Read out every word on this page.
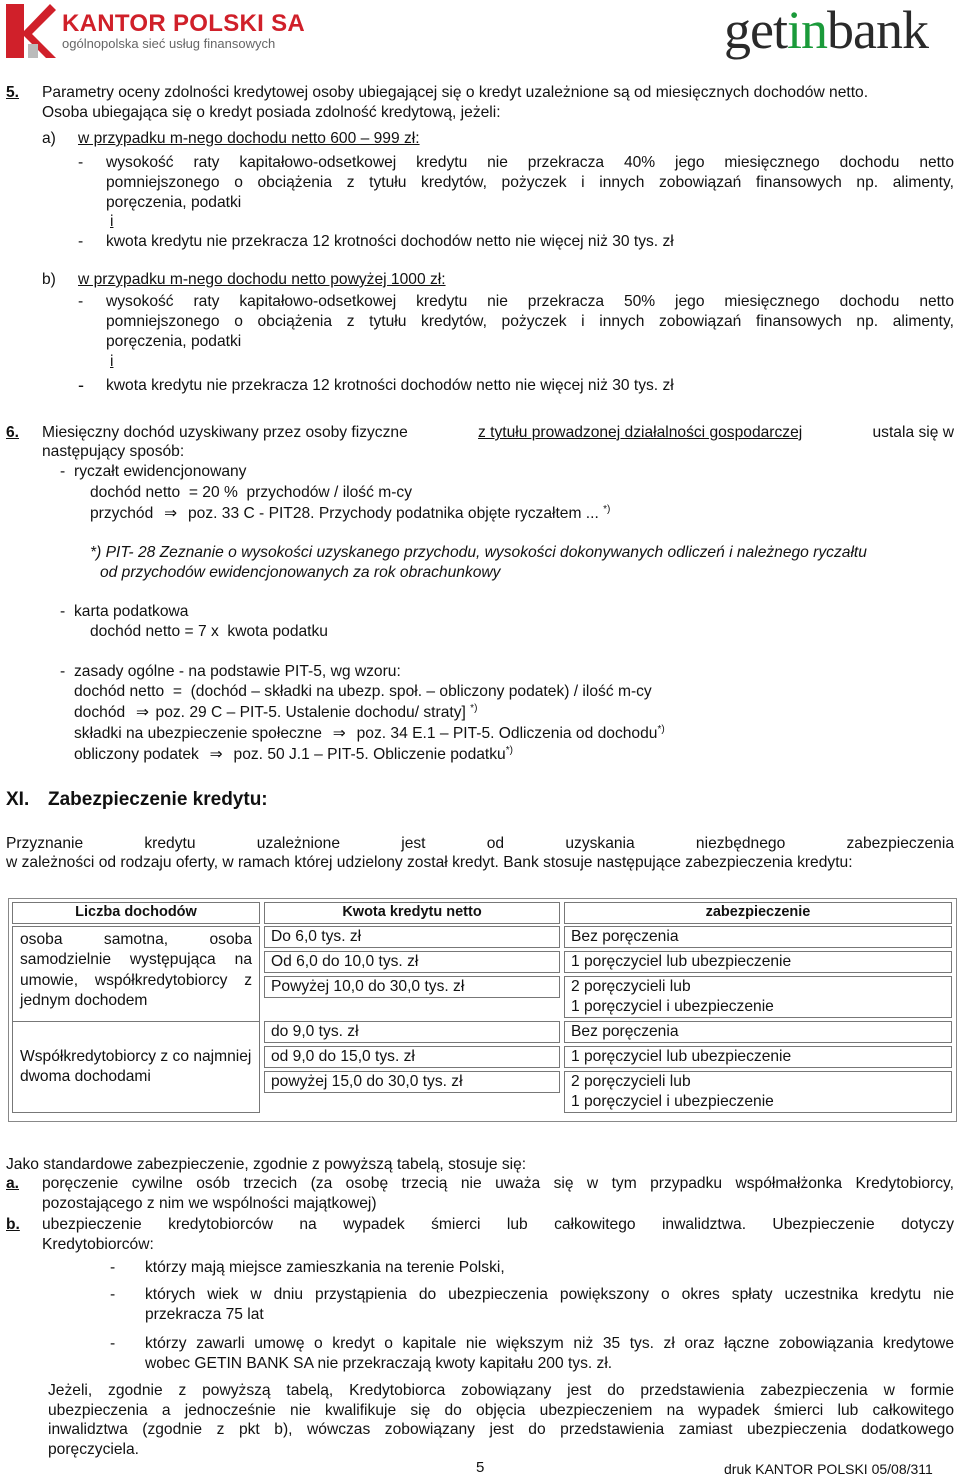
KANTOR POLSKI SA
ogólnopolska sieć usług finansowych	getinbank
5. Parametry oceny zdolności kredytowej osoby ubiegającej się o kredyt uzależnione są od miesięcznych dochodów netto.
Osoba ubiegająca się o kredyt posiada zdolność kredytową, jeżeli:
a) w przypadku m-nego dochodu netto 600 – 999 zł:
- wysokość raty kapitałowo-odsetkowej kredytu nie przekracza 40% jego miesięcznego dochodu netto
pomniejszonego o obciążenia z tytułu kredytów, pożyczek i innych zobowiązań finansowych np. alimenty,
poręczenia, podatki
i
- kwota kredytu nie przekracza 12 krotności dochodów netto nie więcej niż 30 tys. zł
b) w przypadku m-nego dochodu netto powyżej 1000 zł:
- wysokość raty kapitałowo-odsetkowej kredytu nie przekracza 50% jego miesięcznego dochodu netto
pomniejszonego o obciążenia z tytułu kredytów, pożyczek i innych zobowiązań finansowych np. alimenty,
poręczenia, podatki
i
- kwota kredytu nie przekracza 12 krotności dochodów netto nie więcej niż 30 tys. zł
6. Miesięczny dochód uzyskiwany przez osoby fizyczne	z tytułu prowadzonej działalności gospodarczej	ustala się w
następujący sposób:
- ryczałt ewidencjonowany
dochód netto  = 20 %  przychodów / ilość m-cy
przychód ⇒ poz. 33 C - PIT28. Przychody podatnika objęte ryczałtem ... *)
*) PIT- 28 Zeznanie o wysokości uzyskanego przychodu, wysokości dokonywanych odliczeń i należnego ryczałtu
od przychodów ewidencjonowanych za rok obrachunkowy
- karta podatkowa
dochód netto = 7 x  kwota podatku
- zasady ogólne - na podstawie PIT-5, wg wzoru:
dochód netto  =  (dochód – składki na ubezp. społ. – obliczony podatek) / ilość m-cy
dochód ⇒ poz. 29 C – PIT-5. Ustalenie dochodu/ straty] *)
składki na ubezpieczenie społeczne ⇒ poz. 34 E.1 – PIT-5. Odliczenia od dochodu*)
obliczony podatek ⇒ poz. 50 J.1 – PIT-5. Obliczenie podatku*)
XI. Zabezpieczenie kredytu:
Przyznanie kredytu uzależnione jest od uzyskania niezbędnego zabezpieczenia
w zależności od rodzaju oferty, w ramach której udzielony został kredyt. Bank stosuje następujące zabezpieczenia kredytu:
Liczba dochodów	Kwota kredytu netto	zabezpieczenie
osoba samotna, osoba samodzielnie występująca na umowie, współkredytobiorcy z jednym dochodem
Do 6,0 tys. zł	Bez poręczenia
Od 6,0 do 10,0 tys. zł	1 poręczyciel lub ubezpieczenie
Powyżej 10,0 do 30,0 tys. zł	2 poręczycieli lub
1 poręczyciel i ubezpieczenie
Współkredytobiorcy z co najmniej dwoma dochodami
do 9,0 tys. zł	Bez poręczenia
od 9,0 do 15,0 tys. zł	1 poręczyciel lub ubezpieczenie
powyżej 15,0 do 30,0 tys. zł	2 poręczycieli lub
1 poręczyciel i ubezpieczenie
Jako standardowe zabezpieczenie, zgodnie z powyższą tabelą, stosuje się:
a. poręczenie cywilne osób trzecich (za osobę trzecią nie uważa się w tym przypadku współmałżonka Kredytobiorcy,
pozostającego z nim we wspólności majątkowej)
b. ubezpieczenie kredytobiorców na wypadek śmierci lub całkowitego inwalidztwa. Ubezpieczenie dotyczy
Kredytobiorców:
- którzy mają miejsce zamieszkania na terenie Polski,
- których wiek w dniu przystąpienia do ubezpieczenia powiększony o okres spłaty uczestnika kredytu nie
przekracza 75 lat
- którzy zawarli umowę o kredyt o kapitale nie większym niż 35 tys. zł oraz łączne zobowiązania kredytowe
wobec GETIN BANK SA nie przekraczają kwoty kapitału 200 tys. zł.
Jeżeli, zgodnie z powyższą tabelą, Kredytobiorca zobowiązany jest do przedstawienia zabezpieczenia w formie
ubezpieczenia a jednocześnie nie kwalifikuje się do objęcia ubezpieczeniem na wypadek śmierci lub całkowitego
inwalidztwa (zgodnie z pkt b), wówczas zobowiązany jest do przedstawienia zamiast ubezpieczenia dodatkowego
poręczyciela.
5	druk KANTOR POLSKI 05/08/311
